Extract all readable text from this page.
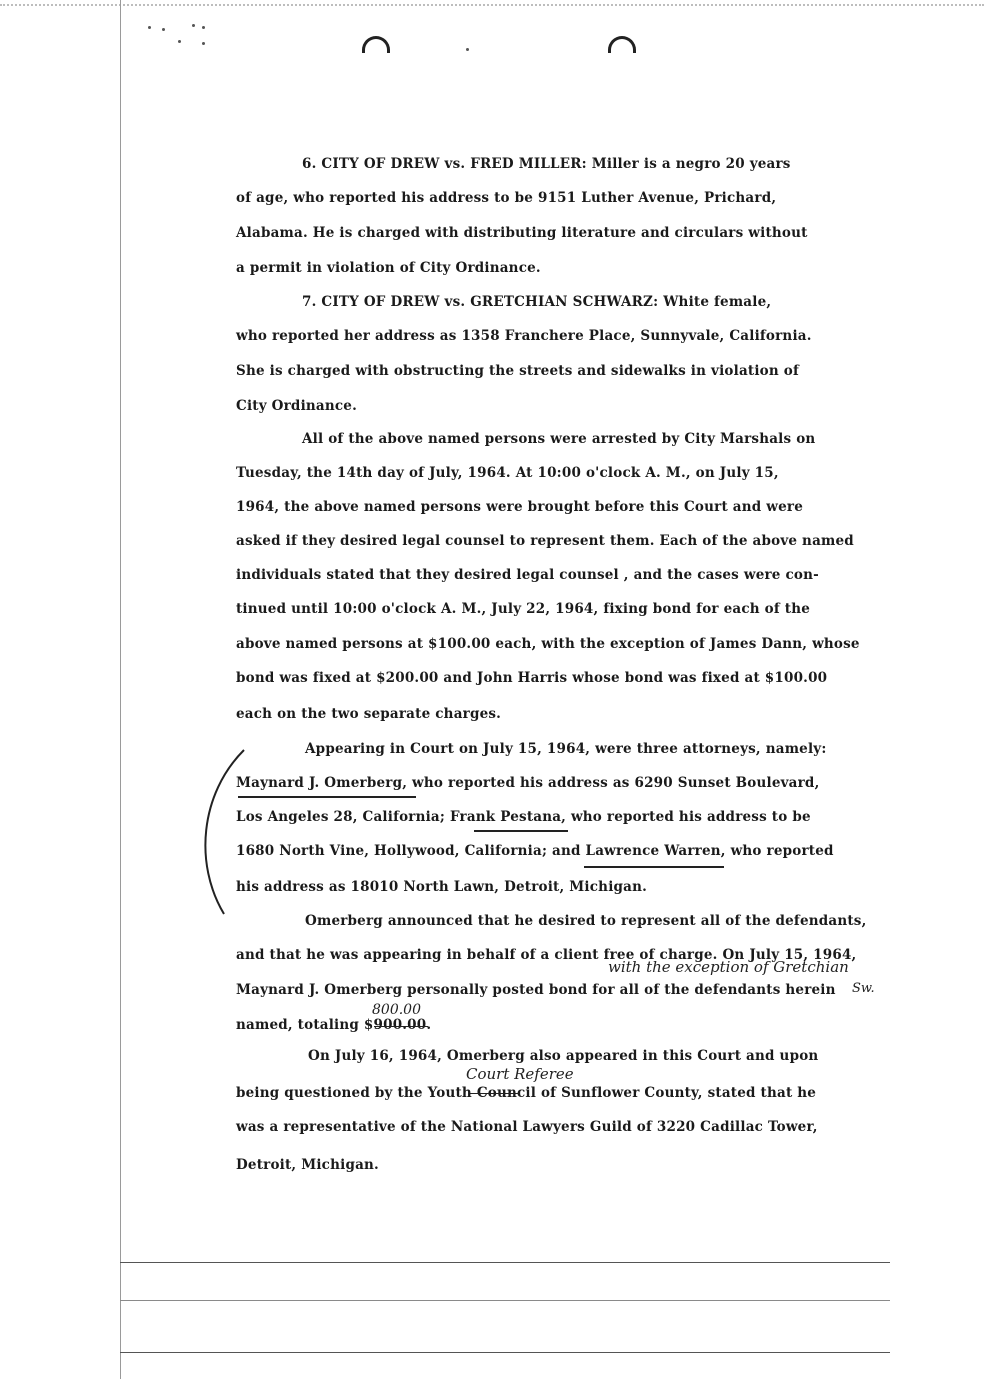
6. CITY OF DREW vs. FRED MILLER: Miller is a negro 20 years

of age, who reported his address to be 9151 Luther Avenue, Prichard,

Alabama. He is charged with distributing literature and circulars without

a permit in violation of City Ordinance.

7. CITY OF DREW vs. GRETCHIAN SCHWARZ: White female,

who reported her address as 1358 Franchere Place, Sunnyvale, California.

She is charged with obstructing the streets and sidewalks in violation of

City Ordinance.

All of the above named persons were arrested by City Marshals on

Tuesday, the 14th day of July, 1964. At 10:00 o'clock A. M., on July 15,

1964, the above named persons were brought before this Court and were

asked if they desired legal counsel to represent them. Each of the above named

individuals stated that they desired legal counsel , and the cases were con-

tinued until 10:00 o'clock A. M., July 22, 1964, fixing bond for each of the

above named persons at $100.00 each, with the exception of James Dann, whose

bond was fixed at $200.00 and John Harris whose bond was fixed at $100.00

each on the two separate charges.

Appearing in Court on July 15, 1964, were three attorneys, namely:

Maynard J. Omerberg, who reported his address as 6290 Sunset Boulevard,

Los Angeles 28, California; Frank Pestana, who reported his address to be

1680 North Vine, Hollywood, California; and Lawrence Warren, who reported

his address as 18010 North Lawn, Detroit, Michigan.

Omerberg announced that he desired to represent all of the defendants,

and that he was appearing in behalf of a client free of charge. On July 15, 1964,

Maynard J. Omerberg personally posted bond for all of the defendants herein

named, totaling $900.00.

On July 16, 1964, Omerberg also appeared in this Court and upon

being questioned by the Youth Council of Sunflower County, stated that he

was a representative of the National Lawyers Guild of 3220 Cadillac Tower,

Detroit, Michigan.

with the exception of Gretchian
Sw.
800.00
Court Referee
